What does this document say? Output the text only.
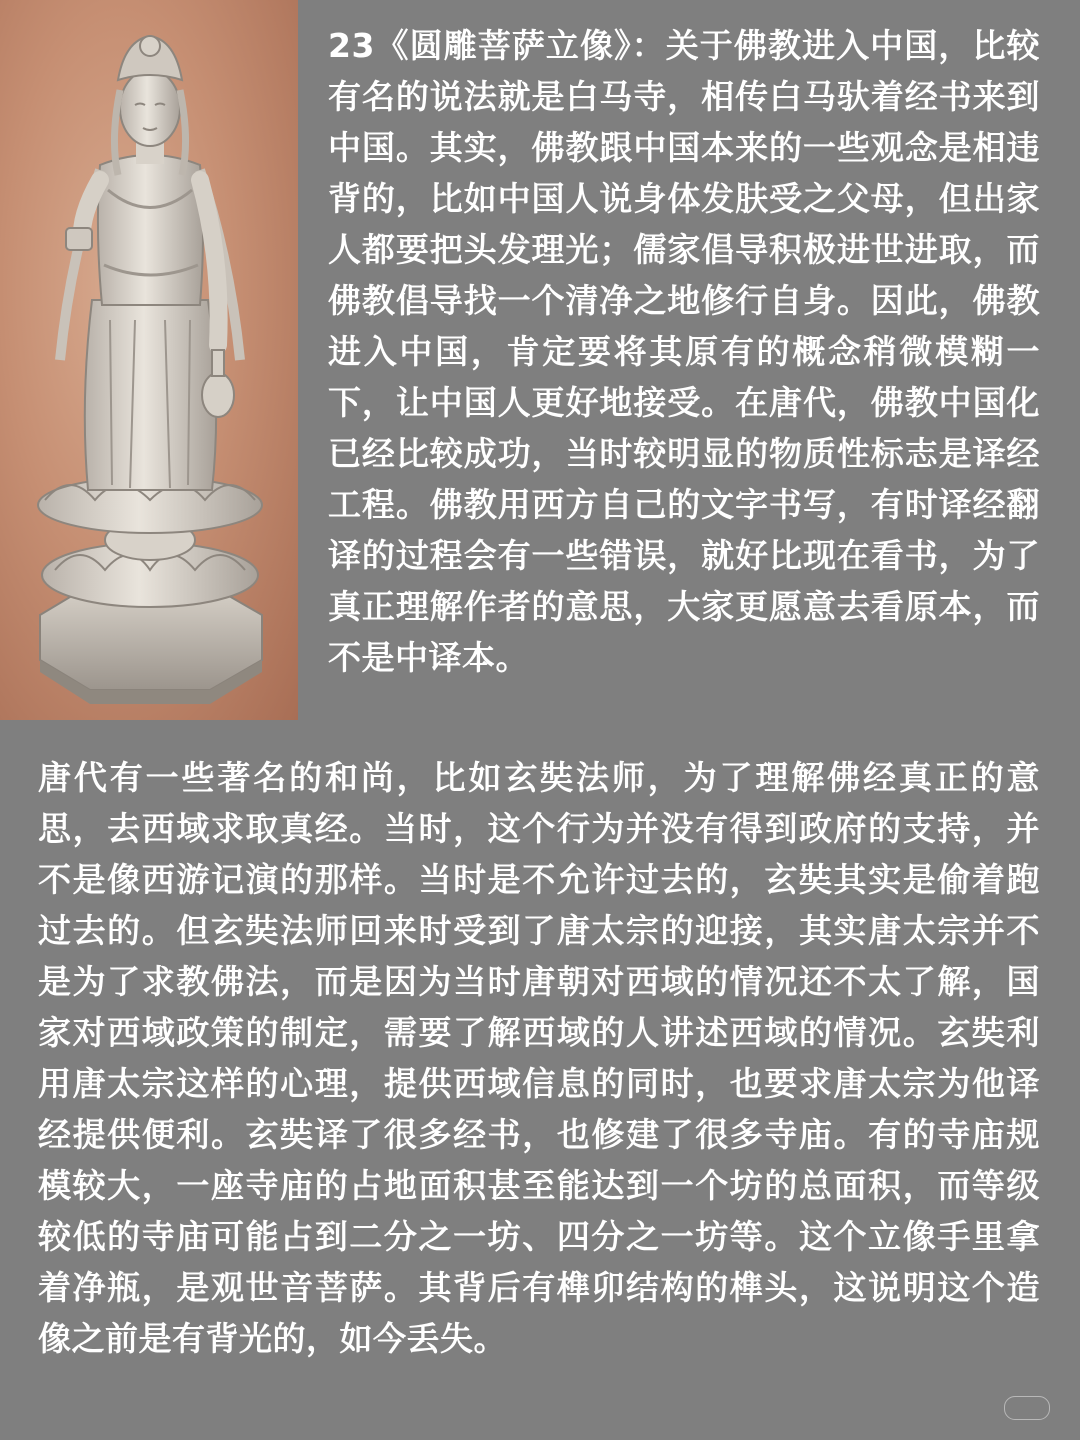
23《圆雕菩萨立像》：关于佛教进入中国，比较有名的说法就是白马寺，相传白马驮着经书来到中国。其实，佛教跟中国本来的一些观念是相违背的，比如中国人说身体发肤受之父母，但出家人都要把头发理光；儒家倡导积极进世进取，而佛教倡导找一个清净之地修行自身。因此，佛教进入中国，肯定要将其原有的概念稍微模糊一下，让中国人更好地接受。在唐代，佛教中国化已经比较成功，当时较明显的物质性标志是译经工程。佛教用西方自己的文字书写，有时译经翻译的过程会有一些错误，就好比现在看书，为了真正理解作者的意思，大家更愿意去看原本，而不是中译本。

唐代有一些著名的和尚，比如玄奘法师，为了理解佛经真正的意思，去西域求取真经。当时，这个行为并没有得到政府的支持，并不是像西游记演的那样。当时是不允许过去的，玄奘其实是偷着跑过去的。但玄奘法师回来时受到了唐太宗的迎接，其实唐太宗并不是为了求教佛法，而是因为当时唐朝对西域的情况还不太了解，国家对西域政策的制定，需要了解西域的人讲述西域的情况。玄奘利用唐太宗这样的心理，提供西域信息的同时，也要求唐太宗为他译经提供便利。玄奘译了很多经书，也修建了很多寺庙。有的寺庙规模较大，一座寺庙的占地面积甚至能达到一个坊的总面积，而等级较低的寺庙可能占到二分之一坊、四分之一坊等。这个立像手里拿着净瓶，是观世音菩萨。其背后有榫卯结构的榫头，这说明这个造像之前是有背光的，如今丢失。
